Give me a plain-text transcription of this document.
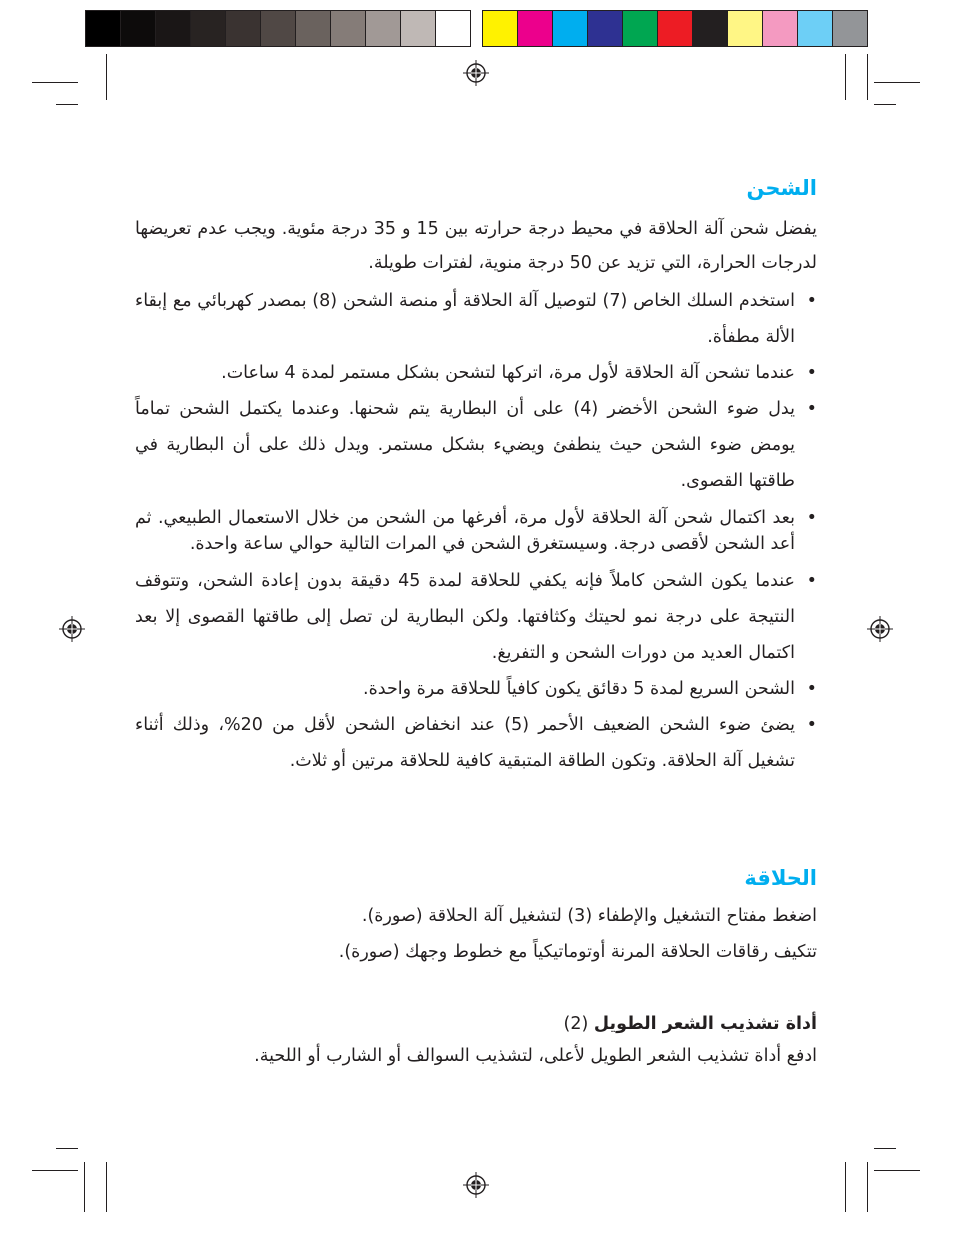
الشحن

يفضل شحن آلة الحلاقة في محيط درجة حرارته بين 15 و 35 درجة مئوية. ويجب عدم تعريضها لدرجات الحرارة، التي تزيد عن 50 درجة منوية، لفترات طويلة.

• استخدم السلك الخاص (7) لتوصيل آلة الحلاقة أو منصة الشحن (8) بمصدر كهربائي مع إبقاء الألة مطفأة.
• عندما تشحن آلة الحلاقة لأول مرة، اتركها لتشحن بشكل مستمر لمدة 4 ساعات.
• يدل ضوء الشحن الأخضر (4) على أن البطارية يتم شحنها. وعندما يكتمل الشحن تماماً يومض ضوء الشحن حيث ينطفئ ويضيء بشكل مستمر. ويدل ذلك على أن البطارية في طاقتها القصوى.
• بعد اكتمال شحن آلة الحلاقة لأول مرة، أفرغها من الشحن من خلال الاستعمال الطبيعي. ثم أعد الشحن لأقصى درجة. وسيستغرق الشحن في المرات التالية حوالي ساعة واحدة.
• عندما يكون الشحن كاملاً فإنه يكفي للحلاقة لمدة 45 دقيقة بدون إعادة الشحن، وتتوقف النتيجة على درجة نمو لحيتك وكثافتها. ولكن البطارية لن تصل إلى طاقتها القصوى إلا بعد اكتمال العديد من دورات الشحن و التفريغ.
• الشحن السريع لمدة 5 دقائق يكون كافياً للحلاقة مرة واحدة.
• يضئ ضوء الشحن الضعيف الأحمر (5) عند انخفاض الشحن لأقل من 20%، وذلك أثناء تشغيل آلة الحلاقة. وتكون الطاقة المتبقية كافية للحلاقة مرتين أو ثلاث.
الحلاقة

اضغط مفتاح التشغيل والإطفاء (3) لتشغيل آلة الحلاقة (صورة).

تتكيف رقاقات الحلاقة المرنة أوتوماتيكياً مع خطوط وجهك (صورة).

أداة تشذيب الشعر الطويل (2)

ادفع أداة تشذيب الشعر الطويل لأعلى، لتشذيب السوالف أو الشارب أو اللحية.
